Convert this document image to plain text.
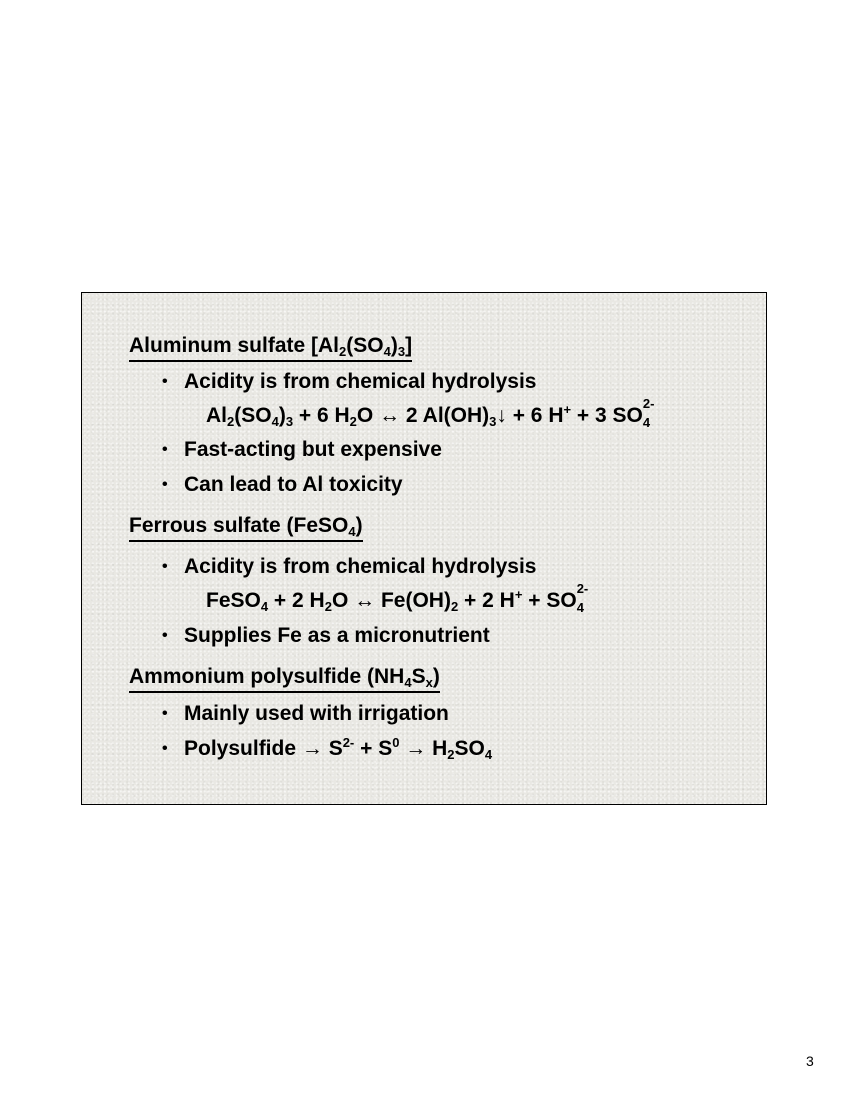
Aluminum sulfate $[Al_2(SO_4)_3]$
• Acidity is from chemical hydrolysis
$Al_2(SO_4)_3 + 6$ $H_2O$ ↔ 2 $Al(OH)_3↓ + 6$ H+ + 3 SO 4
2-
• Fast-acting but expensive
• Can lead to Al toxicity
Ferrous sulfate (FeSO$_4$)
• Acidity is from chemical hydrolysis
FeSO$_4$ + 2 $H_2O$ ↔ $Fe(OH)_2 + 2$ H+ + SO 4
2-
• Supplies Fe as a micronutrient
Ammonium polysulfide $(NH_4S_x)$
• Mainly used with irrigation
• Polysulfide → $S^{2-} + S^0 \to H_2SO_4$
3
